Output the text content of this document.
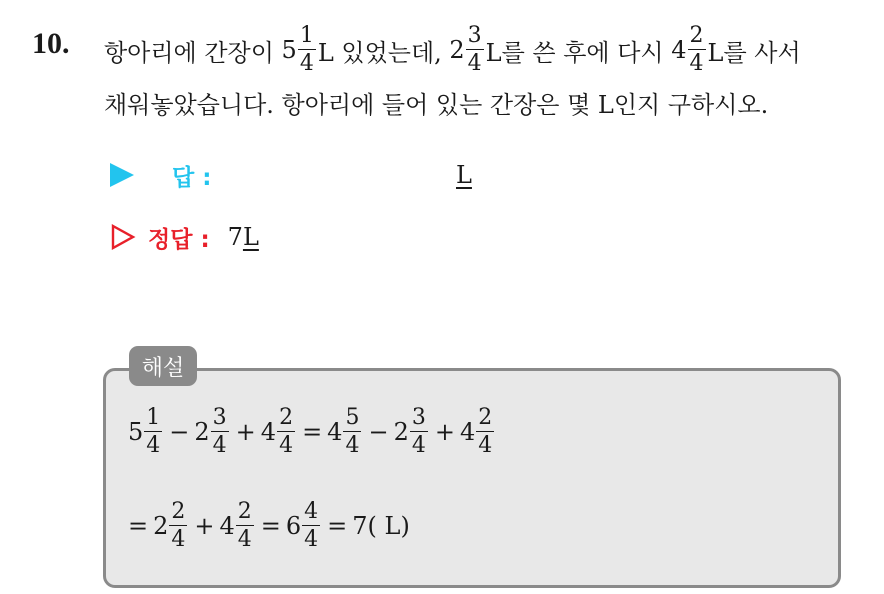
10. 항아리에 간장이 $5 \frac{1}{4}$ L 있었는데, $2 \frac{3}{4}$ L를 쓴 후에 다시 $4 \frac{2}{4}$ L를 사서
채워놓았습니다. 항아리에 들어 있는 간장은 몇 L인지 구하시오.
답 :	L
정답 : 7L
해설
$5 \frac{1}{4} - 2 \frac{3}{4} + 4 \frac{2}{4} = 4 \frac{5}{4} - 2 \frac{3}{4} + 4 \frac{2}{4}$
= $2 \frac{2}{4} + 4 \frac{2}{4} = 6 \frac{4}{4} = 7$( L)
